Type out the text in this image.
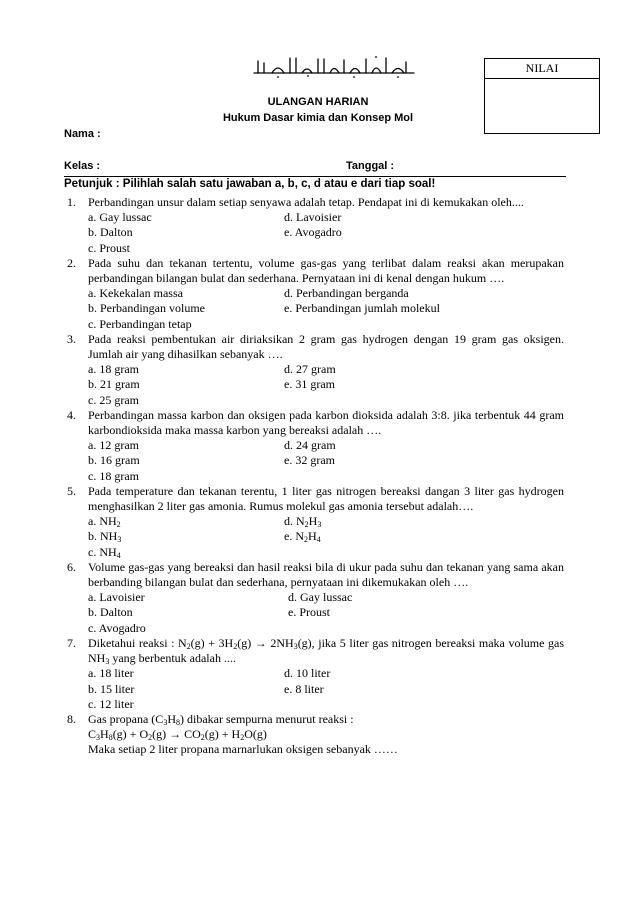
NILAI
ULANGAN HARIAN
Hukum Dasar kimia dan Konsep Mol
Nama :
Kelas :	Tanggal :
Petunjuk : Pilihlah salah satu jawaban a, b, c, d atau e dari tiap soal!
1. Perbandingan unsur dalam setiap senyawa adalah tetap. Pendapat ini di kemukakan oleh....
a. Gay lussac	d. Lavoisier
b. Dalton	e. Avogadro
c. Proust
2. Pada suhu dan tekanan tertentu, volume gas-gas yang terlibat dalam reaksi akan merupakan perbandingan bilangan bulat dan sederhana. Pernyataan ini di kenal dengan hukum ….
a. Kekekalan massa	d. Perbandingan berganda
b. Perbandingan volume	e. Perbandingan jumlah molekul
c. Perbandingan tetap
3. Pada reaksi pembentukan air diriaksikan 2 gram gas hydrogen dengan 19 gram gas oksigen. Jumlah air yang dihasilkan sebanyak ….
a. 18 gram	d. 27 gram
b. 21 gram	e. 31 gram
c. 25 gram
4. Perbandingan massa karbon dan oksigen pada karbon dioksida adalah 3:8. jika terbentuk 44 gram karbondioksida maka massa karbon yang bereaksi adalah ….
a. 12 gram	d. 24 gram
b. 16 gram	e. 32 gram
c. 18 gram
5. Pada temperature dan tekanan terentu, 1 liter gas nitrogen bereaksi dangan 3 liter gas hydrogen menghasilkan 2 liter gas amonia. Rumus molekul gas amonia tersebut adalah….
a. $NH_2$	d. $N_2H_3$
b. $NH_3$	e. $N_2H_4$
c. $NH_4$
6. Volume gas-gas yang bereaksi dan hasil reaksi bila di ukur pada suhu dan tekanan yang sama akan berbanding bilangan bulat dan sederhana, pernyataan ini dikemukakan oleh ….
a. Lavoisier	d. Gay lussac
b. Dalton	e. Proust
c. Avogadro
7. Diketahui reaksi : $N_2(g) + 3H_2(g) \to 2NH_3(g)$, jika 5 liter gas nitrogen bereaksi maka volume gas $NH_3$ yang berbentuk adalah ....
a. 18 liter	d. 10 liter
b. 15 liter	e. 8 liter
c. 12 liter
8. Gas propana $(C_3H_8)$ dibakar sempurna menurut reaksi :
$C_3H_8(g) + O_2(g) \to CO_2(g) + H_2O(g)$
Maka setiap 2 liter propana marnarlukan oksigen sebanyak ……
